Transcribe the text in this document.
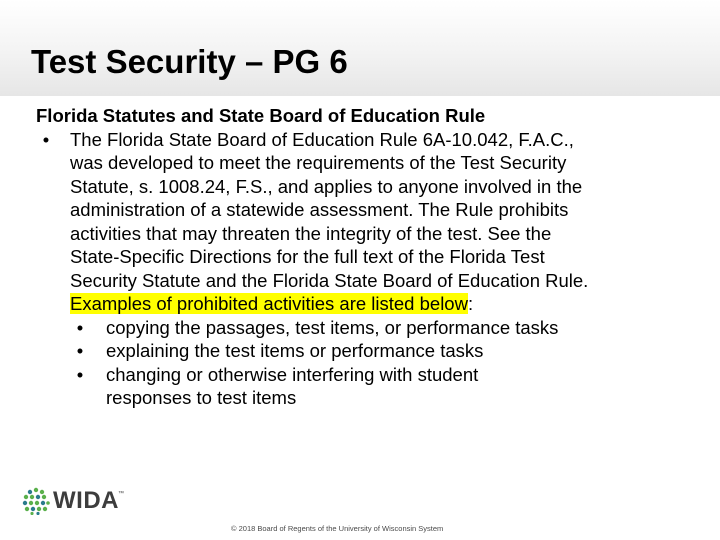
Test Security – PG 6
Florida Statutes and State Board of Education Rule
•	The Florida State Board of Education Rule 6A-10.042, F.A.C.,
was developed to meet the requirements of the Test Security
Statute, s. 1008.24, F.S., and applies to anyone involved in the
administration of a statewide assessment. The Rule prohibits
activities that may threaten the integrity of the test. See the
State-Specific Directions for the full text of the Florida Test
Security Statute and the Florida State Board of Education Rule.
Examples of prohibited activities are listed below:
•	copying the passages, test items, or performance tasks
•	explaining the test items or performance tasks
•	changing or otherwise interfering with student
responses to test items
WIDA ™
© 2018 Board of Regents of the University of Wisconsin System
